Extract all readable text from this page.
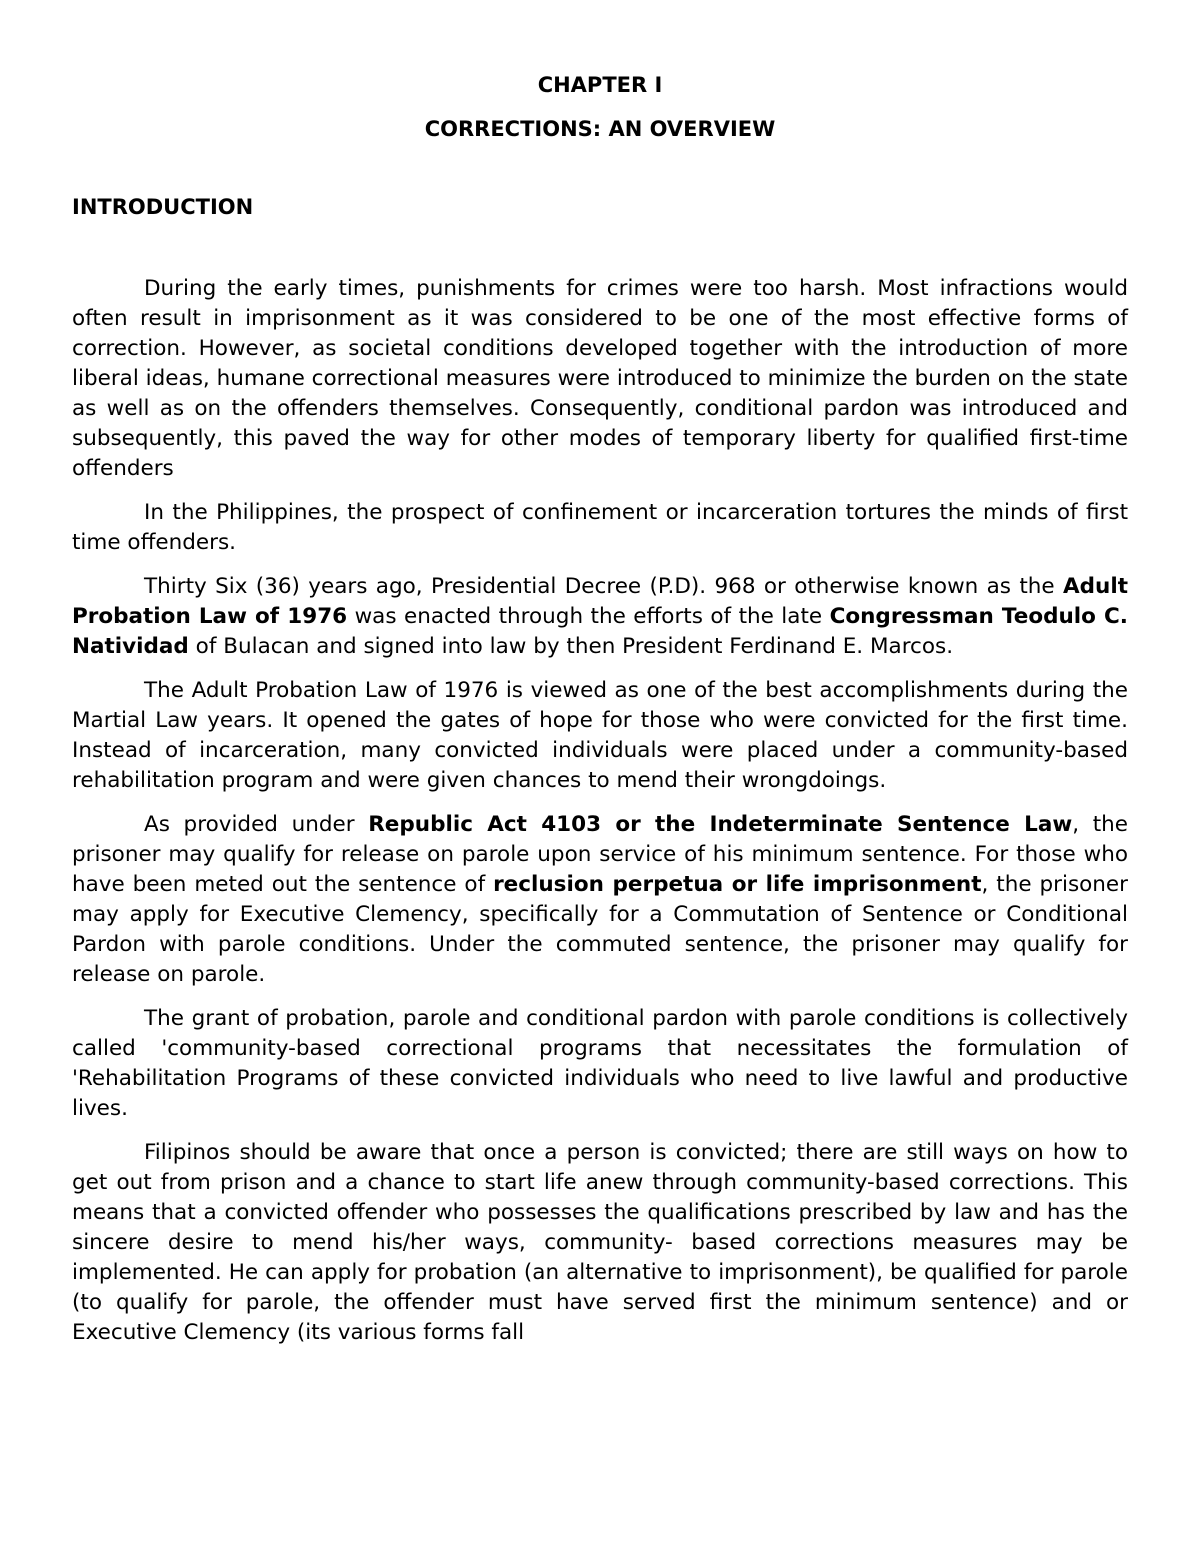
CHAPTER I

CORRECTIONS: AN OVERVIEW

INTRODUCTION

During the early times, punishments for crimes were too harsh. Most infractions would often result in imprisonment as it was considered to be one of the most effective forms of correction. However, as societal conditions developed together with the introduction of more liberal ideas, humane correctional measures were introduced to minimize the burden on the state as well as on the offenders themselves. Consequently, conditional pardon was introduced and subsequently, this paved the way for other modes of temporary liberty for qualified first-time offenders

In the Philippines, the prospect of confinement or incarceration tortures the minds of first time offenders.

Thirty Six (36) years ago, Presidential Decree (P.D). 968 or otherwise known as the Adult Probation Law of 1976 was enacted through the efforts of the late Congressman Teodulo C. Natividad of Bulacan and signed into law by then President Ferdinand E. Marcos.

The Adult Probation Law of 1976 is viewed as one of the best accomplishments during the Martial Law years. It opened the gates of hope for those who were convicted for the first time. Instead of incarceration, many convicted individuals were placed under a community-based rehabilitation program and were given chances to mend their wrongdoings.

As provided under Republic Act 4103 or the Indeterminate Sentence Law, the prisoner may qualify for release on parole upon service of his minimum sentence. For those who have been meted out the sentence of reclusion perpetua or life imprisonment, the prisoner may apply for Executive Clemency, specifically for a Commutation of Sentence or Conditional Pardon with parole conditions. Under the commuted sentence, the prisoner may qualify for release on parole.

The grant of probation, parole and conditional pardon with parole conditions is collectively called 'community-based correctional programs that necessitates the formulation of 'Rehabilitation Programs of these convicted individuals who need to live lawful and productive lives.

Filipinos should be aware that once a person is convicted; there are still ways on how to get out from prison and a chance to start life anew through community-based corrections. This means that a convicted offender who possesses the qualifications prescribed by law and has the sincere desire to mend his/her ways, community- based corrections measures may be implemented. He can apply for probation (an alternative to imprisonment), be qualified for parole (to qualify for parole, the offender must have served first the minimum sentence) and or Executive Clemency (its various forms fall
